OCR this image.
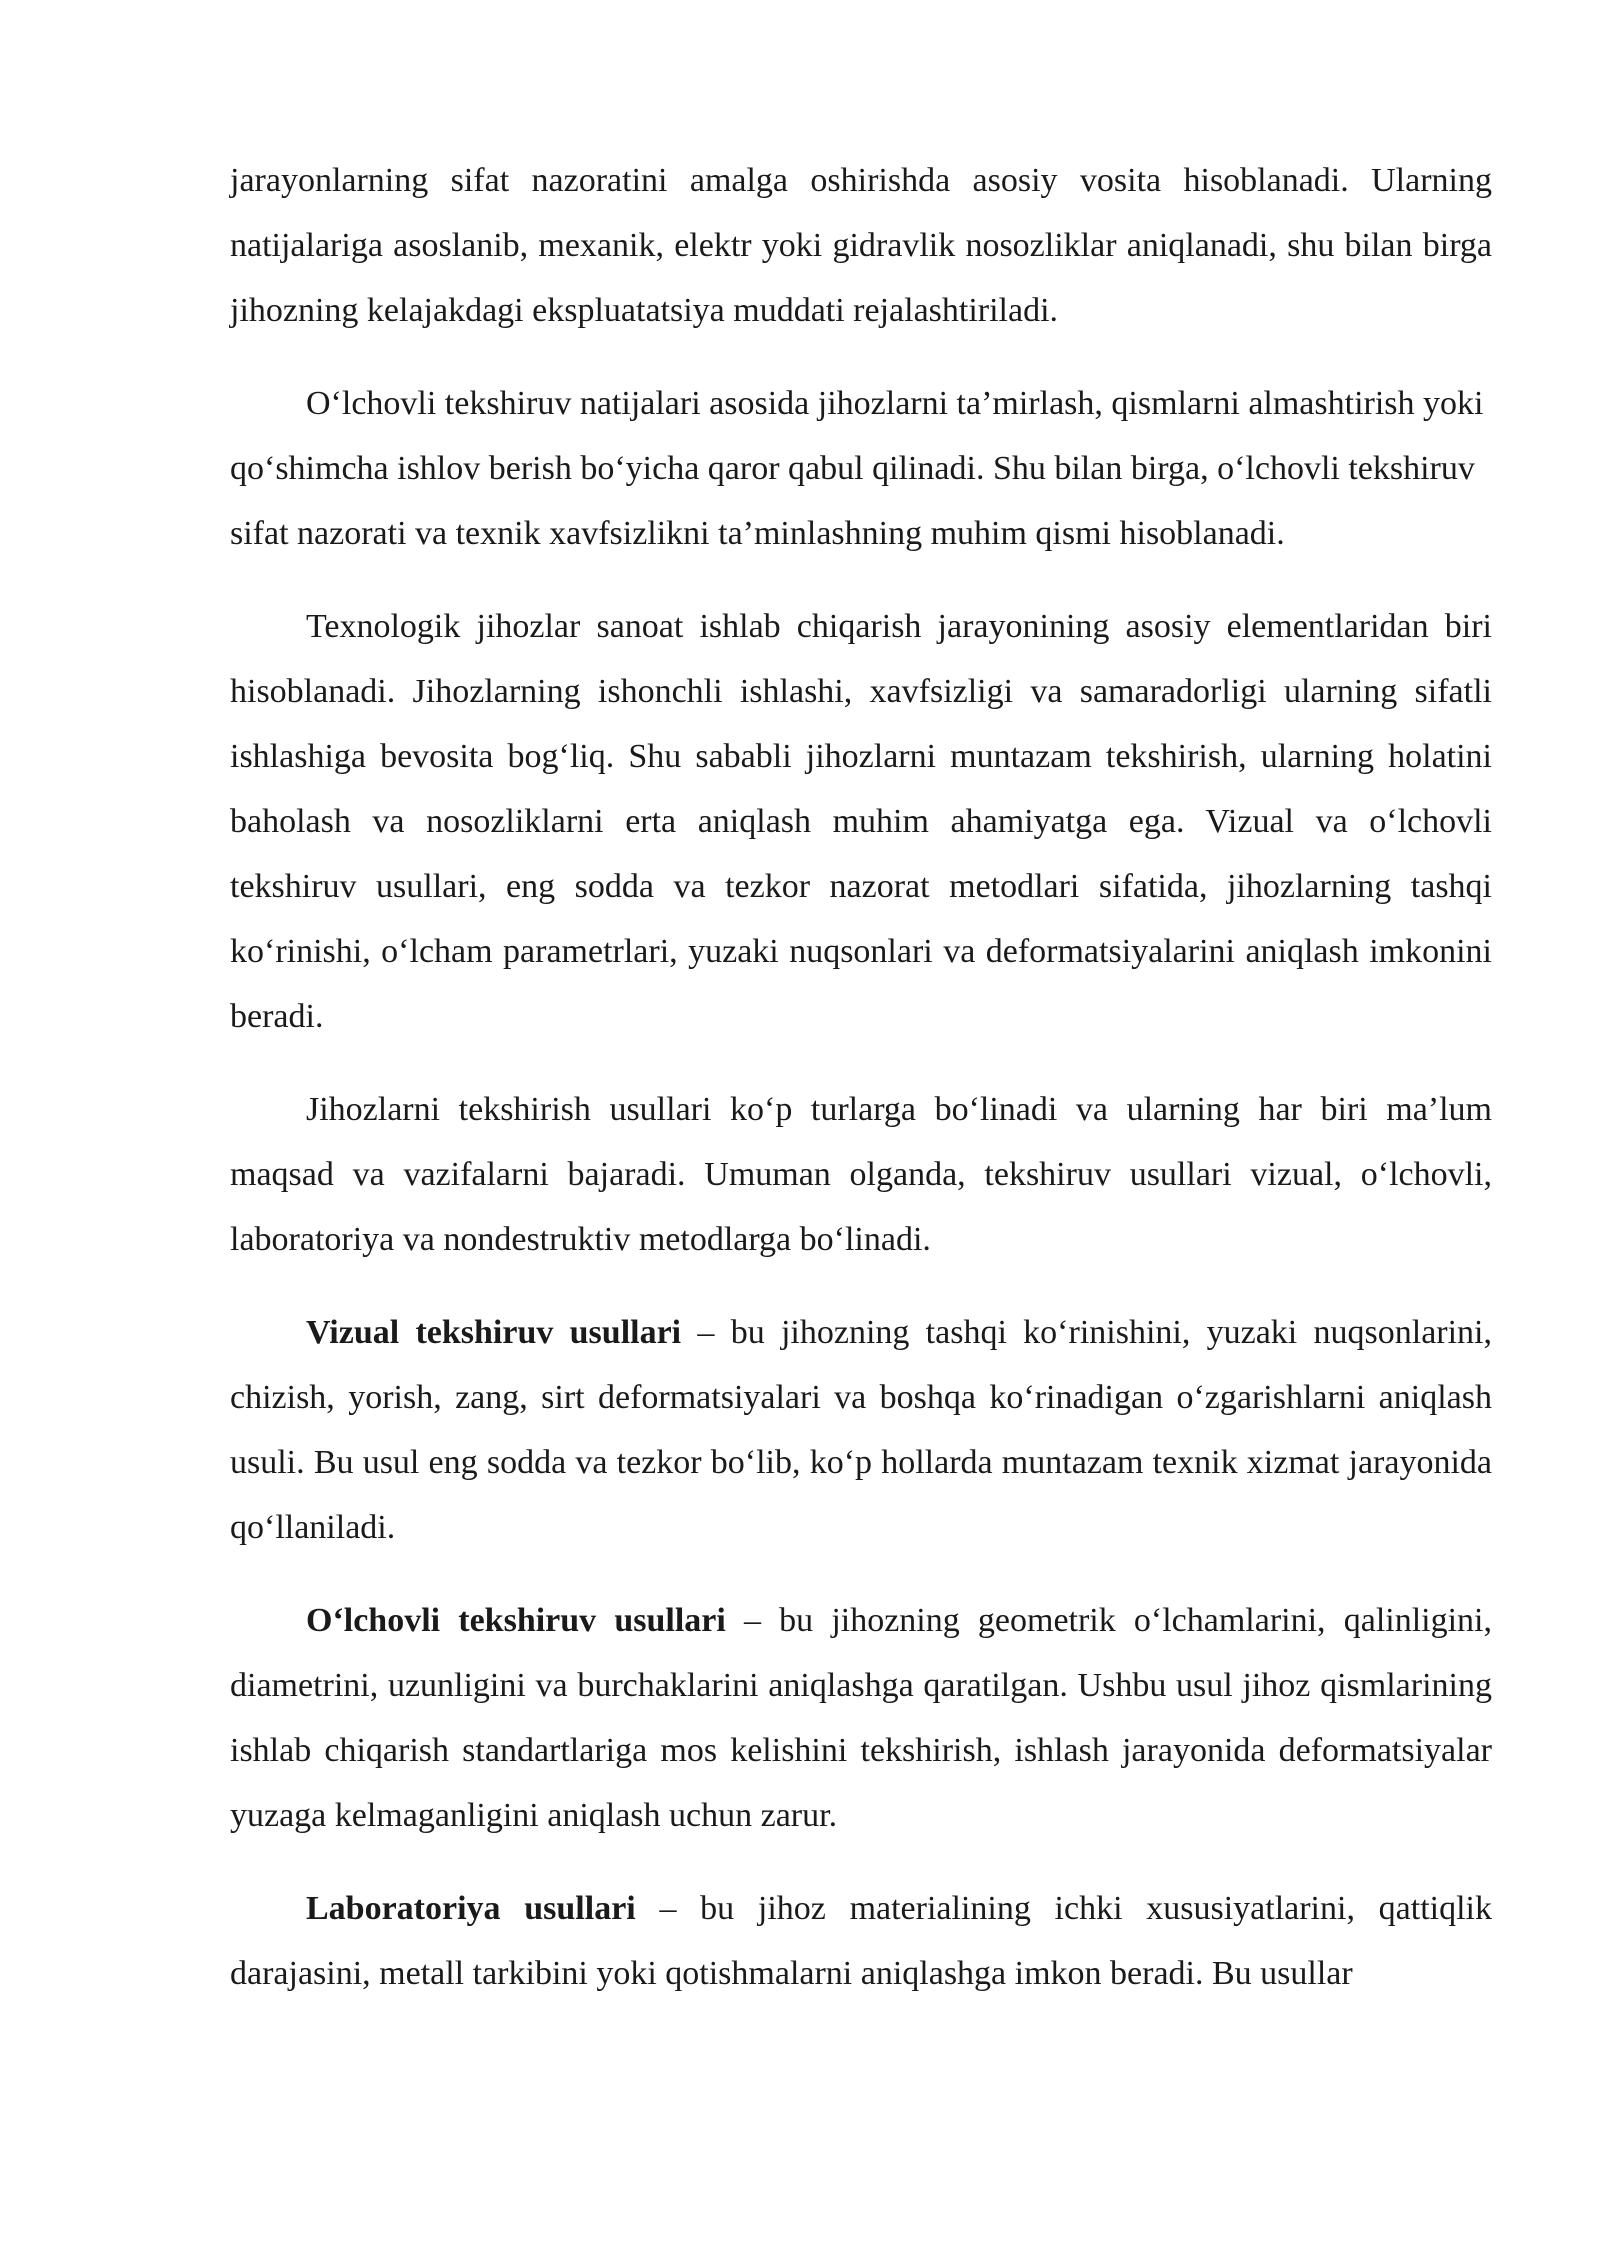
jarayonlarning sifat nazoratini amalga oshirishda asosiy vosita hisoblanadi. Ularning natijalariga asoslanib, mexanik, elektr yoki gidravlik nosozliklar aniqlanadi, shu bilan birga jihozning kelajakdagi ekspluatatsiya muddati rejalashtiriladi.

O‘lchovli tekshiruv natijalari asosida jihozlarni ta’mirlash, qismlarni almashtirish yoki qo‘shimcha ishlov berish bo‘yicha qaror qabul qilinadi. Shu bilan birga, o‘lchovli tekshiruv sifat nazorati va texnik xavfsizlikni ta’minlashning muhim qismi hisoblanadi.

Texnologik jihozlar sanoat ishlab chiqarish jarayonining asosiy elementlaridan biri hisoblanadi. Jihozlarning ishonchli ishlashi, xavfsizligi va samaradorligi ularning sifatli ishlashiga bevosita bog‘liq. Shu sababli jihozlarni muntazam tekshirish, ularning holatini baholash va nosozliklarni erta aniqlash muhim ahamiyatga ega. Vizual va o‘lchovli tekshiruv usullari, eng sodda va tezkor nazorat metodlari sifatida, jihozlarning tashqi ko‘rinishi, o‘lcham parametrlari, yuzaki nuqsonlari va deformatsiyalarini aniqlash imkonini beradi.

Jihozlarni tekshirish usullari ko‘p turlarga bo‘linadi va ularning har biri ma’lum maqsad va vazifalarni bajaradi. Umuman olganda, tekshiruv usullari vizual, o‘lchovli, laboratoriya va nondestruktiv metodlarga bo‘linadi.

Vizual tekshiruv usullari – bu jihozning tashqi ko‘rinishini, yuzaki nuqsonlarini, chizish, yorish, zang, sirt deformatsiyalari va boshqa ko‘rinadigan o‘zgarishlarni aniqlash usuli. Bu usul eng sodda va tezkor bo‘lib, ko‘p hollarda muntazam texnik xizmat jarayonida qo‘llaniladi.

O‘lchovli tekshiruv usullari – bu jihozning geometrik o‘lchamlarini, qalinligini, diametrini, uzunligini va burchaklarini aniqlashga qaratilgan. Ushbu usul jihoz qismlarining ishlab chiqarish standartlariga mos kelishini tekshirish, ishlash jarayonida deformatsiyalar yuzaga kelmaganligini aniqlash uchun zarur.

Laboratoriya usullari – bu jihoz materialining ichki xususiyatlarini, qattiqlik darajasini, metall tarkibini yoki qotishmalarni aniqlashga imkon beradi. Bu usullar
